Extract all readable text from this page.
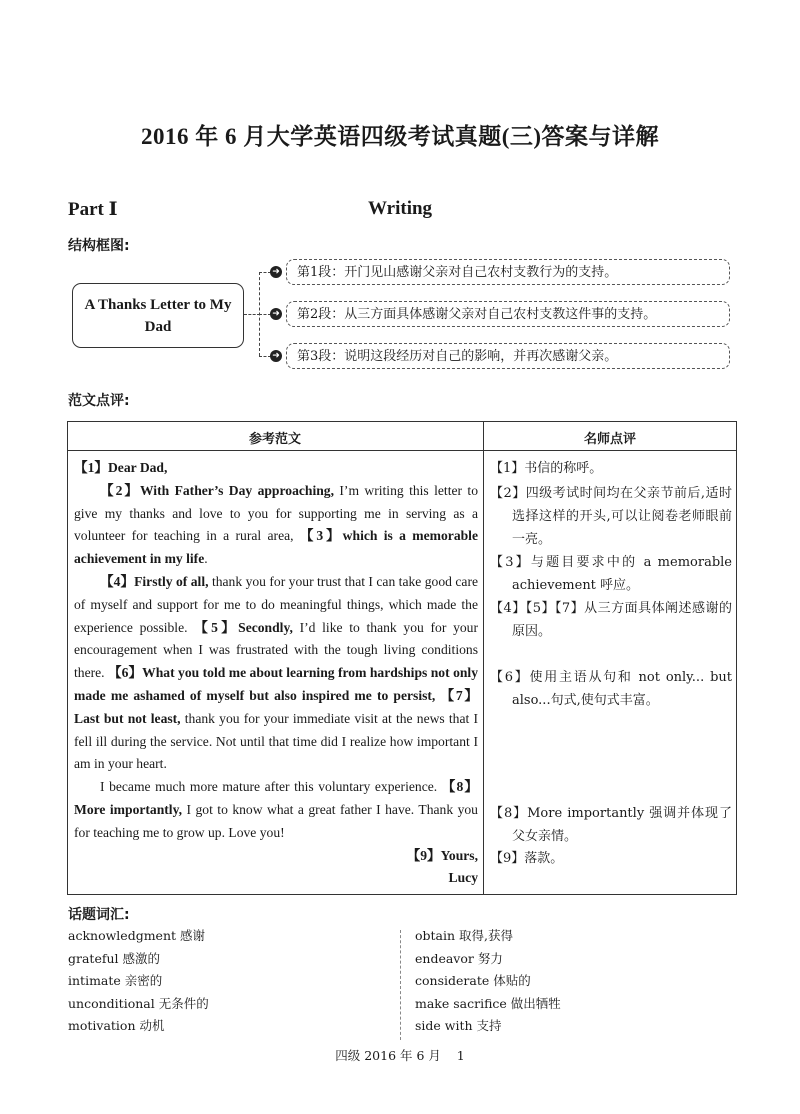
2016 年 6 月大学英语四级考试真题(三)答案与详解
Part Ⅰ	Writing
结构框图:
A Thanks Letter to My Dad
➜
➜
➜
第1段：开门见山感谢父亲对自己农村支教行为的支持。
第2段：从三方面具体感谢父亲对自己农村支教这件事的支持。
第3段：说明这段经历对自己的影响，并再次感谢父亲。
范文点评:
参考范文	名师点评

【1】Dear Dad,

【2】With Father’s Day approaching, I’m writing this letter to give my thanks and love to you for supporting me in serving as a volunteer for teaching in a rural area, 【3】which is a memorable achievement in my life.

【4】Firstly of all, thank you for your trust that I can take good care of myself and support for me to do meaningful things, which made the experience possible. 【5】Secondly, I’d like to thank you for your encouragement when I was frustrated with the tough living conditions there. 【6】What you told me about learning from hardships not only made me ashamed of myself but also inspired me to persist, 【7】Last but not least, thank you for your immediate visit at the news that I fell ill during the service. Not until that time did I realize how important I am in your heart.

I became much more mature after this voluntary experience. 【8】More importantly, I got to know what a great father I have. Thank you for teaching me to grow up. Love you!

【9】Yours,

Lucy

【1】书信的称呼。
【2】四级考试时间均在父亲节前后,适时选择这样的开头,可以让阅卷老师眼前一亮。
【3】与题目要求中的 a memorable achievement 呼应。
【4】【5】【7】从三方面具体阐述感谢的原因。
【6】使用主语从句和 not only... but also...句式,使句式丰富。
【8】More importantly 强调并体现了父女亲情。
【9】落款。
话题词汇:
acknowledgment 感谢
grateful 感激的
intimate 亲密的
unconditional 无条件的
motivation 动机
obtain 取得,获得
endeavor 努力
considerate 体贴的
make sacrifice 做出牺牲
side with 支持
四级 2016 年 6 月    1
